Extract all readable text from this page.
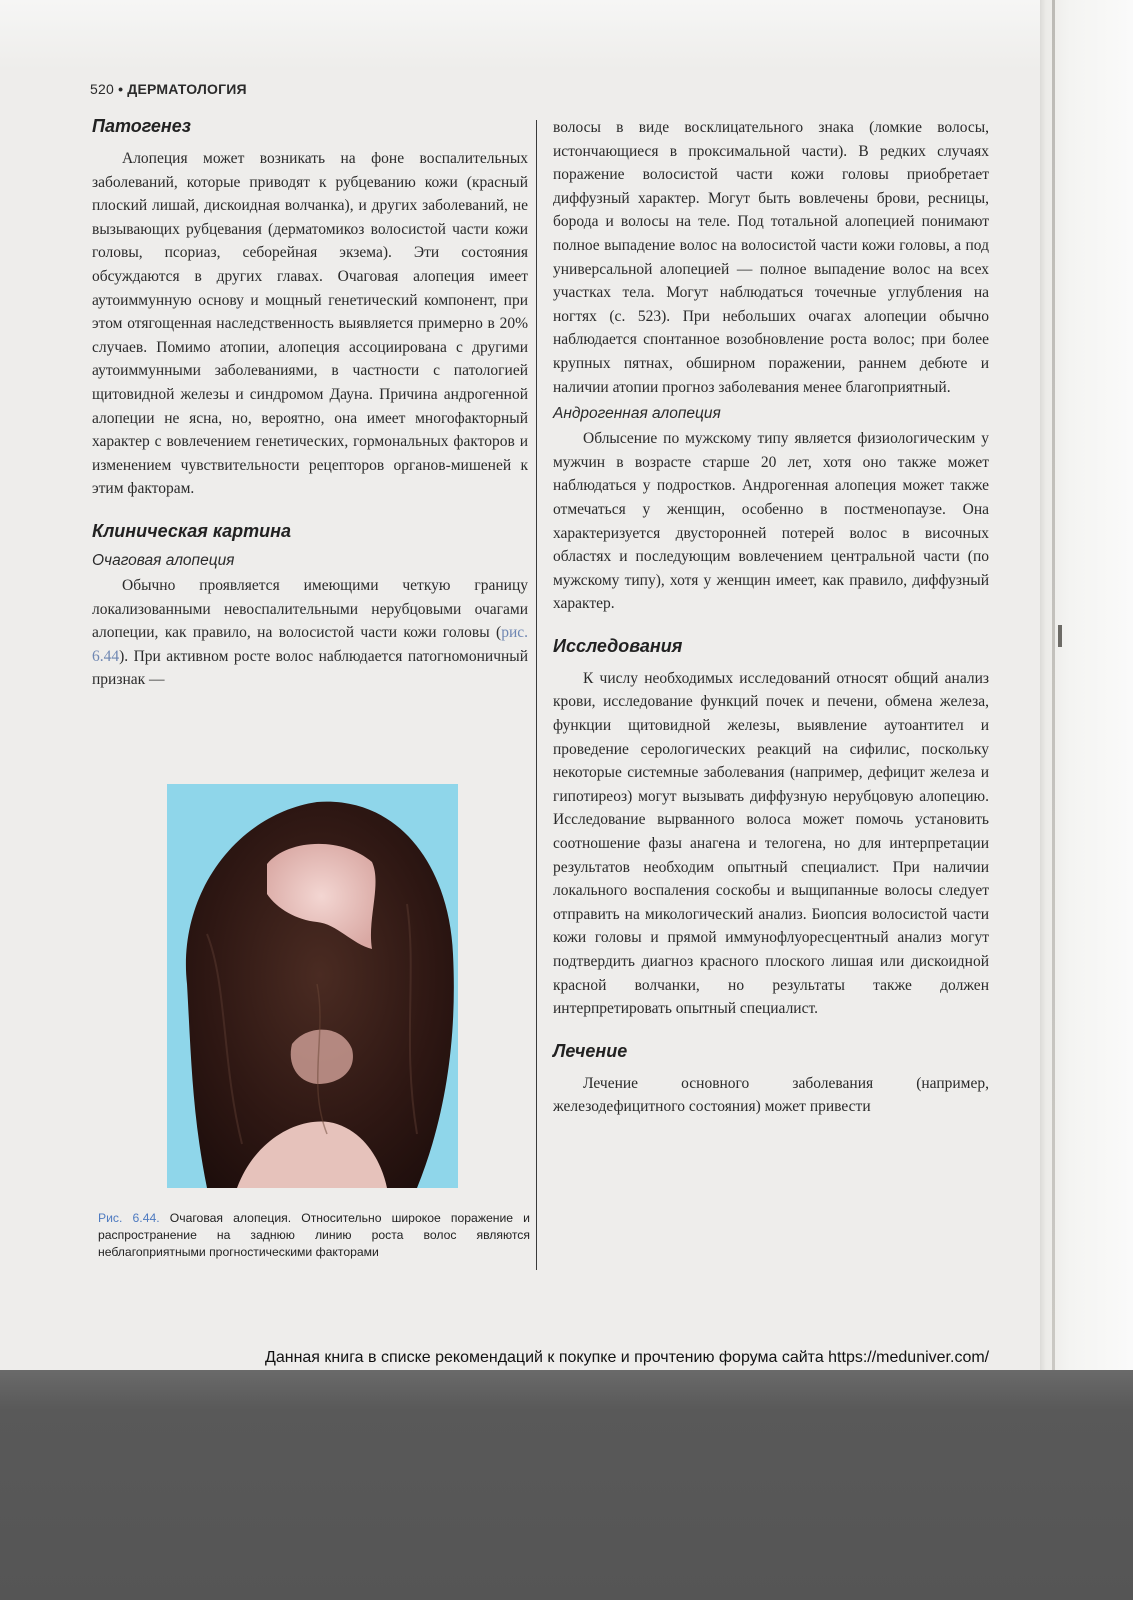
520 • ДЕРМАТОЛОГИЯ
Патогенез

Алопеция может возникать на фоне воспалительных заболеваний, которые приводят к рубцеванию кожи (красный плоский лишай, дискоидная волчанка), и других заболеваний, не вызывающих рубцевания (дерматомикоз волосистой части кожи головы, псориаз, себорейная экзема). Эти состояния обсуждаются в других главах. Очаговая алопеция имеет аутоиммунную основу и мощный генетический компонент, при этом отягощенная наследственность выявляется примерно в 20% случаев. Помимо атопии, алопеция ассоциирована с другими аутоиммунными заболеваниями, в частности с патологией щитовидной железы и синдромом Дауна. Причина андрогенной алопеции не ясна, но, вероятно, она имеет многофакторный характер с вовлечением генетических, гормональных факторов и изменением чувствительности рецепторов органов-мишеней к этим факторам.

Клиническая картина
Очаговая алопеция

Обычно проявляется имеющими четкую границу локализованными невоспалительными нерубцовыми очагами алопеции, как правило, на волосистой части кожи головы (рис. 6.44). При активном росте волос наблюдается патогномоничный признак —

Рис. 6.44. Очаговая алопеция. Относительно широкое поражение и распространение на заднюю линию роста волос являются неблагоприятными прогностическими факторами

волосы в виде восклицательного знака (ломкие волосы, истончающиеся в проксимальной части). В редких случаях поражение волосистой части кожи головы приобретает диффузный характер. Могут быть вовлечены брови, ресницы, борода и волосы на теле. Под тотальной алопецией понимают полное выпадение волос на волосистой части кожи головы, а под универсальной алопецией — полное выпадение волос на всех участках тела. Могут наблюдаться точечные углубления на ногтях (с. 523). При небольших очагах алопеции обычно наблюдается спонтанное возобновление роста волос; при более крупных пятнах, обширном поражении, раннем дебюте и наличии атопии прогноз заболевания менее благоприятный.

Андрогенная алопеция

Облысение по мужскому типу является физиологическим у мужчин в возрасте старше 20 лет, хотя оно также может наблюдаться у подростков. Андрогенная алопеция может также отмечаться у женщин, особенно в постменопаузе. Она характеризуется двусторонней потерей волос в височных областях и последующим вовлечением центральной части (по мужскому типу), хотя у женщин имеет, как правило, диффузный характер.

Исследования

К числу необходимых исследований относят общий анализ крови, исследование функций почек и печени, обмена железа, функции щитовидной железы, выявление аутоантител и проведение серологических реакций на сифилис, поскольку некоторые системные заболевания (например, дефицит железа и гипотиреоз) могут вызывать диффузную нерубцовую алопецию. Исследование вырванного волоса может помочь установить соотношение фазы анагена и телогена, но для интерпретации результатов необходим опытный специалист. При наличии локального воспаления соскобы и выщипанные волосы следует отправить на микологический анализ. Биопсия волосистой части кожи головы и прямой иммунофлуоресцентный анализ могут подтвердить диагноз красного плоского лишая или дискоидной красной волчанки, но результаты также должен интерпретировать опытный специалист.

Лечение

Лечение основного заболевания (например, железодефицитного состояния) может привести

Данная книга в списке рекомендаций к покупке и прочтению форума сайта https://meduniver.com/
